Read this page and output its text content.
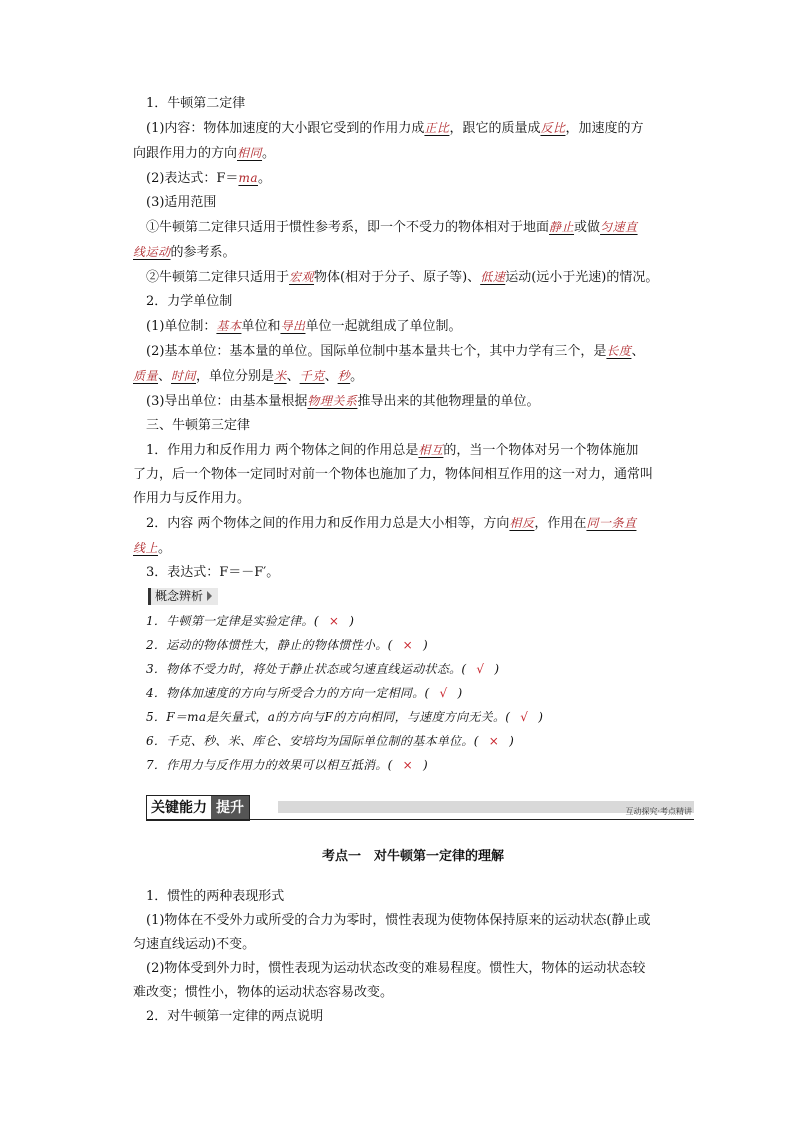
1．牛顿第二定律

(1)内容：物体加速度的大小跟它受到的作用力成正比，跟它的质量成反比，加速度的方

向跟作用力的方向相同。

(2)表达式：F＝ma。

(3)适用范围

①牛顿第二定律只适用于惯性参考系，即一个不受力的物体相对于地面静止或做匀速直

线运动的参考系。

②牛顿第二定律只适用于宏观物体(相对于分子、原子等)、低速运动(远小于光速)的情况。

2．力学单位制

(1)单位制：基本单位和导出单位一起就组成了单位制。

(2)基本单位：基本量的单位。国际单位制中基本量共七个，其中力学有三个，是长度、

质量、时间，单位分别是米、千克、秒。

(3)导出单位：由基本量根据物理关系推导出来的其他物理量的单位。

三、牛顿第三定律

1．作用力和反作用力 两个物体之间的作用总是相互的，当一个物体对另一个物体施加

了力，后一个物体一定同时对前一个物体也施加了力，物体间相互作用的这一对力，通常叫

作用力与反作用力。

2．内容 两个物体之间的作用力和反作用力总是大小相等，方向相反，作用在同一条直

线上。

3．表达式：F＝－F′。

概念辨析

1．牛顿第一定律是实验定律。( × )

2．运动的物体惯性大，静止的物体惯性小。( × )

3．物体不受力时，将处于静止状态或匀速直线运动状态。( √ )

4．物体加速度的方向与所受合力的方向一定相同。( √ )

5．F＝ma是矢量式，a的方向与F的方向相同，与速度方向无关。( √ )

6．千克、秒、米、库仑、安培均为国际单位制的基本单位。( × )

7．作用力与反作用力的效果可以相互抵消。( × )

关键能力 提升	互动探究·考点精讲
考点一　对牛顿第一定律的理解

1．惯性的两种表现形式

(1)物体在不受外力或所受的合力为零时，惯性表现为使物体保持原来的运动状态(静止或

匀速直线运动)不变。

(2)物体受到外力时，惯性表现为运动状态改变的难易程度。惯性大，物体的运动状态较

难改变；惯性小，物体的运动状态容易改变。

2．对牛顿第一定律的两点说明
